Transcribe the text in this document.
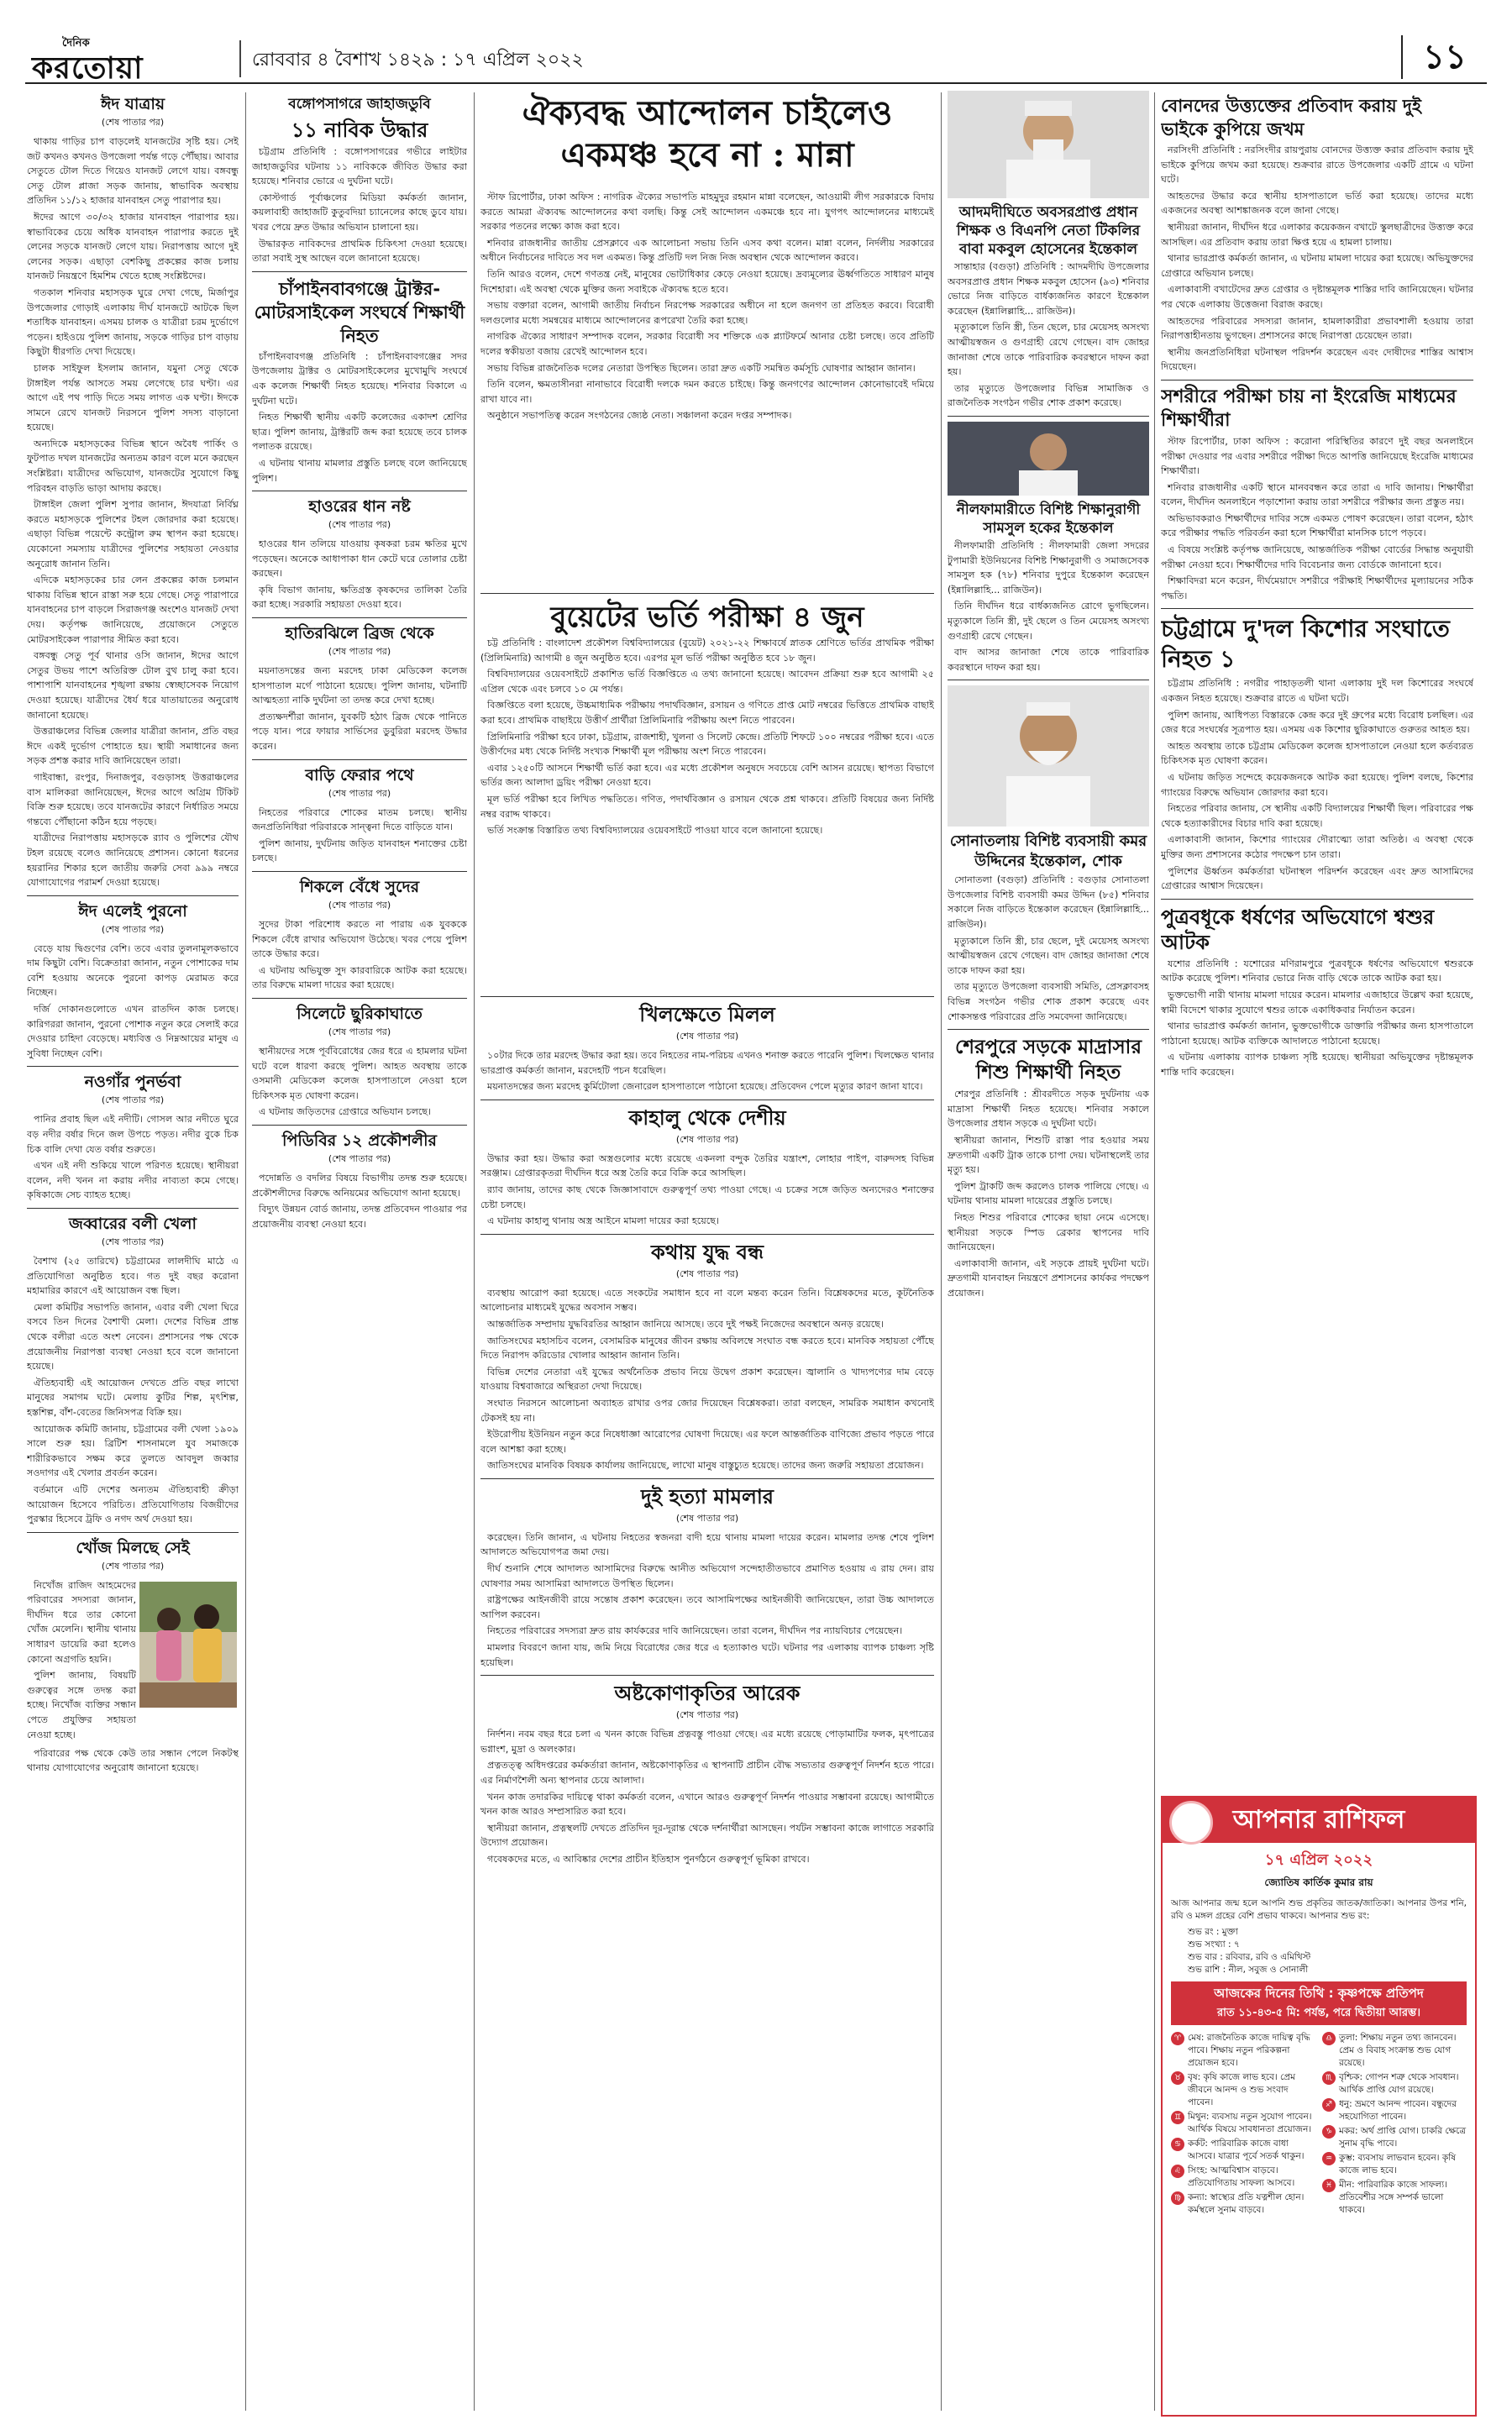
দৈনিক
করতোয়া	রোববার ৪ বৈশাখ ১৪২৯ : ১৭ এপ্রিল ২০২২	১১
ঈদ যাত্রায়
(শেষ পাতার পর)

থাকায় গাড়ির চাপ বাড়লেই যানজটের সৃষ্টি হয়। সেই জট কখনও কখনও উপজেলা পর্যন্ত গড়ে পৌঁছায়। আবার সেতুতে টোল দিতে গিয়েও যানজট লেগে যায়। বঙ্গবন্ধু সেতু টোল প্লাজা সড়ক জানায়, স্বাভাবিক অবস্থায় প্রতিদিন ১১/১২ হাজার যানবাহন সেতু পারাপার হয়।

ঈদের আগে ৩০/৩২ হাজার যানবাহন পারাপার হয়। স্বাভাবিকের চেয়ে অধিক যানবাহন পারাপার করতে দুই লেনের সড়কে যানজট লেগে যায়। নিরাপত্তায় আগে দুই লেনের সড়ক। এছাড়া বেশকিছু প্রকল্পের কাজ চলায় যানজট নিয়ন্ত্রণে হিমশিম খেতে হচ্ছে সংশ্লিষ্টদের।

গতকাল শনিবার মহাসড়ক ঘুরে দেখা গেছে, মির্জাপুর উপজেলার গোড়াই এলাকায় দীর্ঘ যানজটে আটকে ছিল শতাধিক যানবাহন। এসময় চালক ও যাত্রীরা চরম দুর্ভোগে পড়েন। হাইওয়ে পুলিশ জানায়, সড়কে গাড়ির চাপ বাড়ায় কিছুটা ধীরগতি দেখা দিয়েছে।

চালক সাইফুল ইসলাম জানান, যমুনা সেতু থেকে টাঙ্গাইল পর্যন্ত আসতে সময় লেগেছে চার ঘণ্টা। এর আগে এই পথ পাড়ি দিতে সময় লাগত এক ঘণ্টা। ঈদকে সামনে রেখে যানজট নিরসনে পুলিশ সদস্য বাড়ানো হয়েছে।

অন্যদিকে মহাসড়কের বিভিন্ন স্থানে অবৈধ পার্কিং ও ফুটপাত দখল যানজটের অন্যতম কারণ বলে মনে করছেন সংশ্লিষ্টরা। যাত্রীদের অভিযোগ, যানজটের সুযোগে কিছু পরিবহন বাড়তি ভাড়া আদায় করছে।

টাঙ্গাইল জেলা পুলিশ সুপার জানান, ঈদযাত্রা নির্বিঘ্ন করতে মহাসড়কে পুলিশের টহল জোরদার করা হয়েছে। এছাড়া বিভিন্ন পয়েন্টে কন্ট্রোল রুম স্থাপন করা হয়েছে। যেকোনো সমস্যায় যাত্রীদের পুলিশের সহায়তা নেওয়ার অনুরোধ জানান তিনি।

এদিকে মহাসড়কের চার লেন প্রকল্পের কাজ চলমান থাকায় বিভিন্ন স্থানে রাস্তা সরু হয়ে গেছে। সেতু পারাপারে যানবাহনের চাপ বাড়লে সিরাজগঞ্জ অংশেও যানজট দেখা দেয়। কর্তৃপক্ষ জানিয়েছে, প্রয়োজনে সেতুতে মোটরসাইকেল পারাপার সীমিত করা হবে।

বঙ্গবন্ধু সেতু পূর্ব থানার ওসি জানান, ঈদের আগে সেতুর উভয় পাশে অতিরিক্ত টোল বুথ চালু করা হবে। পাশাপাশি যানবাহনের শৃঙ্খলা রক্ষায় স্বেচ্ছাসেবক নিয়োগ দেওয়া হয়েছে। যাত্রীদের ধৈর্য ধরে যাতায়াতের অনুরোধ জানানো হয়েছে।

উত্তরাঞ্চলের বিভিন্ন জেলার যাত্রীরা জানান, প্রতি বছর ঈদে একই দুর্ভোগ পোহাতে হয়। স্থায়ী সমাধানের জন্য সড়ক প্রশস্ত করার দাবি জানিয়েছেন তারা।

গাইবান্ধা, রংপুর, দিনাজপুর, বগুড়াসহ উত্তরাঞ্চলের বাস মালিকরা জানিয়েছেন, ঈদের আগে অগ্রিম টিকিট বিক্রি শুরু হয়েছে। তবে যানজটের কারণে নির্ধারিত সময়ে গন্তব্যে পৌঁছানো কঠিন হয়ে পড়ছে।

যাত্রীদের নিরাপত্তায় মহাসড়কে র‍্যাব ও পুলিশের যৌথ টহল রয়েছে বলেও জানিয়েছে প্রশাসন। কোনো ধরনের হয়রানির শিকার হলে জাতীয় জরুরি সেবা ৯৯৯ নম্বরে যোগাযোগের পরামর্শ দেওয়া হয়েছে।

ঈদ এলেই পুরনো
(শেষ পাতার পর)

বেড়ে যায় দ্বিগুণের বেশি। তবে এবার তুলনামূলকভাবে দাম কিছুটা বেশি। বিক্রেতারা জানান, নতুন পোশাকের দাম বেশি হওয়ায় অনেকে পুরনো কাপড় মেরামত করে নিচ্ছেন।

দর্জি দোকানগুলোতে এখন রাতদিন কাজ চলছে। কারিগররা জানান, পুরনো পোশাক নতুন করে সেলাই করে দেওয়ার চাহিদা বেড়েছে। মধ্যবিত্ত ও নিম্নআয়ের মানুষ এ সুবিধা নিচ্ছেন বেশি।

নওগাঁর পুনর্ভবা
(শেষ পাতার পর)

পানির প্রবাহ ছিল এই নদীটি। গোসল আর নদীতে ঘুরে বড় নদীর বর্ষার দিনে জল উপচে পড়ত। নদীর বুকে চিক চিক বালি দেখা যেত বর্ষার শুরুতে।

এখন এই নদী শুকিয়ে খালে পরিণত হয়েছে। স্থানীয়রা বলেন, নদী খনন না করায় নদীর নাব্যতা কমে গেছে। কৃষিকাজে সেচ ব্যাহত হচ্ছে।

জব্বারের বলী খেলা
(শেষ পাতার পর)

বৈশাখ (২৫ তারিখে) চট্টগ্রামের লালদীঘি মাঠে এ প্রতিযোগিতা অনুষ্ঠিত হবে। গত দুই বছর করোনা মহামারির কারণে এই আয়োজন বন্ধ ছিল।

মেলা কমিটির সভাপতি জানান, এবার বলী খেলা ঘিরে বসবে তিন দিনের বৈশাখী মেলা। দেশের বিভিন্ন প্রান্ত থেকে বলীরা এতে অংশ নেবেন। প্রশাসনের পক্ষ থেকে প্রয়োজনীয় নিরাপত্তা ব্যবস্থা নেওয়া হবে বলে জানানো হয়েছে।

ঐতিহ্যবাহী এই আয়োজন দেখতে প্রতি বছর লাখো মানুষের সমাগম ঘটে। মেলায় কুটির শিল্প, মৃৎশিল্প, হস্তশিল্প, বাঁশ-বেতের জিনিসপত্র বিক্রি হয়।

আয়োজক কমিটি জানায়, চট্টগ্রামের বলী খেলা ১৯০৯ সালে শুরু হয়। ব্রিটিশ শাসনামলে যুব সমাজকে শারীরিকভাবে সক্ষম করে তুলতে আবদুল জব্বার সওদাগর এই খেলার প্রবর্তন করেন।

বর্তমানে এটি দেশের অন্যতম ঐতিহ্যবাহী ক্রীড়া আয়োজন হিসেবে পরিচিত। প্রতিযোগিতায় বিজয়ীদের পুরস্কার হিসেবে ট্রফি ও নগদ অর্থ দেওয়া হয়।

খোঁজ মিলছে সেই
(শেষ পাতার পর)

নিখোঁজ রাজিদ আহমেদের পরিবারের সদস্যরা জানান, দীর্ঘদিন ধরে তার কোনো খোঁজ মেলেনি। স্থানীয় থানায় সাধারণ ডায়েরি করা হলেও কোনো অগ্রগতি হয়নি।

পুলিশ জানায়, বিষয়টি গুরুত্বের সঙ্গে তদন্ত করা হচ্ছে। নিখোঁজ ব্যক্তির সন্ধান পেতে প্রযুক্তির সহায়তা নেওয়া হচ্ছে।

পরিবারের পক্ষ থেকে কেউ তার সন্ধান পেলে নিকটস্থ থানায় যোগাযোগের অনুরোধ জানানো হয়েছে।

বঙ্গোপসাগরে জাহাজডুবি
১১ নাবিক উদ্ধার

চট্টগ্রাম প্রতিনিধি : বঙ্গোপসাগরের গভীরে লাইটার জাহাজডুবির ঘটনায় ১১ নাবিককে জীবিত উদ্ধার করা হয়েছে। শনিবার ভোরে এ দুর্ঘটনা ঘটে।

কোস্টগার্ড পূর্বাঞ্চলের মিডিয়া কর্মকর্তা জানান, কয়লাবাহী জাহাজটি কুতুবদিয়া চ্যানেলের কাছে ডুবে যায়। খবর পেয়ে দ্রুত উদ্ধার অভিযান চালানো হয়।

উদ্ধারকৃত নাবিকদের প্রাথমিক চিকিৎসা দেওয়া হয়েছে। তারা সবাই সুস্থ আছেন বলে জানানো হয়েছে।

চাঁপাইনবাবগঞ্জে ট্রাক্টর-মোটরসাইকেল সংঘর্ষে শিক্ষার্থী নিহত

চাঁপাইনবাবগঞ্জ প্রতিনিধি : চাঁপাইনবাবগঞ্জের সদর উপজেলায় ট্রাক্টর ও মোটরসাইকেলের মুখোমুখি সংঘর্ষে এক কলেজ শিক্ষার্থী নিহত হয়েছে। শনিবার বিকালে এ দুর্ঘটনা ঘটে।

নিহত শিক্ষার্থী স্থানীয় একটি কলেজের একাদশ শ্রেণির ছাত্র। পুলিশ জানায়, ট্রাক্টরটি জব্দ করা হয়েছে তবে চালক পলাতক রয়েছে।

এ ঘটনায় থানায় মামলার প্রস্তুতি চলছে বলে জানিয়েছে পুলিশ।

হাওরের ধান নষ্ট
(শেষ পাতার পর)

হাওরের ধান তলিয়ে যাওয়ায় কৃষকরা চরম ক্ষতির মুখে পড়েছেন। অনেকে আধাপাকা ধান কেটে ঘরে তোলার চেষ্টা করছেন।

কৃষি বিভাগ জানায়, ক্ষতিগ্রস্ত কৃষকদের তালিকা তৈরি করা হচ্ছে। সরকারি সহায়তা দেওয়া হবে।

হাতিরঝিলে ব্রিজ থেকে
(শেষ পাতার পর)

ময়নাতদন্তের জন্য মরদেহ ঢাকা মেডিকেল কলেজ হাসপাতাল মর্গে পাঠানো হয়েছে। পুলিশ জানায়, ঘটনাটি আত্মহত্যা নাকি দুর্ঘটনা তা তদন্ত করে দেখা হচ্ছে।

প্রত্যক্ষদর্শীরা জানান, যুবকটি হঠাৎ ব্রিজ থেকে পানিতে পড়ে যান। পরে ফায়ার সার্ভিসের ডুবুরিরা মরদেহ উদ্ধার করেন।

বাড়ি ফেরার পথে
(শেষ পাতার পর)

নিহতের পরিবারে শোকের মাতম চলছে। স্থানীয় জনপ্রতিনিধিরা পরিবারকে সান্ত্বনা দিতে বাড়িতে যান।

পুলিশ জানায়, দুর্ঘটনায় জড়িত যানবাহন শনাক্তের চেষ্টা চলছে।

শিকলে বেঁধে সুদের
(শেষ পাতার পর)

সুদের টাকা পরিশোধ করতে না পারায় এক যুবককে শিকলে বেঁধে রাখার অভিযোগ উঠেছে। খবর পেয়ে পুলিশ তাকে উদ্ধার করে।

এ ঘটনায় অভিযুক্ত সুদ কারবারিকে আটক করা হয়েছে। তার বিরুদ্ধে মামলা দায়ের করা হয়েছে।

সিলেটে ছুরিকাঘাতে
(শেষ পাতার পর)

স্থানীয়দের সঙ্গে পূর্ববিরোধের জের ধরে এ হামলার ঘটনা ঘটে বলে ধারণা করছে পুলিশ। আহত অবস্থায় তাকে ওসমানী মেডিকেল কলেজ হাসপাতালে নেওয়া হলে চিকিৎসক মৃত ঘোষণা করেন।

এ ঘটনায় জড়িতদের গ্রেপ্তারে অভিযান চলছে।

পিডিবির ১২ প্রকৌশলীর
(শেষ পাতার পর)

পদোন্নতি ও বদলির বিষয়ে বিভাগীয় তদন্ত শুরু হয়েছে। প্রকৌশলীদের বিরুদ্ধে অনিয়মের অভিযোগ আনা হয়েছে।

বিদ্যুৎ উন্নয়ন বোর্ড জানায়, তদন্ত প্রতিবেদন পাওয়ার পর প্রয়োজনীয় ব্যবস্থা নেওয়া হবে।

ঐক্যবদ্ধ আন্দোলন চাইলেও
একমঞ্চ হবে না : মান্না

স্টাফ রিপোর্টার, ঢাকা অফিস : নাগরিক ঐক্যের সভাপতি মাহমুদুর রহমান মান্না বলেছেন, আওয়ামী লীগ সরকারকে বিদায় করতে আমরা ঐক্যবদ্ধ আন্দোলনের কথা বলছি। কিন্তু সেই আন্দোলন একমঞ্চে হবে না। যুগপৎ আন্দোলনের মাধ্যমেই সরকার পতনের লক্ষ্যে কাজ করা হবে।

শনিবার রাজধানীর জাতীয় প্রেসক্লাবে এক আলোচনা সভায় তিনি এসব কথা বলেন। মান্না বলেন, নির্দলীয় সরকারের অধীনে নির্বাচনের দাবিতে সব দল একমত। কিন্তু প্রতিটি দল নিজ নিজ অবস্থান থেকে আন্দোলন করবে।

তিনি আরও বলেন, দেশে গণতন্ত্র নেই, মানুষের ভোটাধিকার কেড়ে নেওয়া হয়েছে। দ্রব্যমূল্যের ঊর্ধ্বগতিতে সাধারণ মানুষ দিশেহারা। এই অবস্থা থেকে মুক্তির জন্য সবাইকে ঐক্যবদ্ধ হতে হবে।

সভায় বক্তারা বলেন, আগামী জাতীয় নির্বাচন নিরপেক্ষ সরকারের অধীনে না হলে জনগণ তা প্রতিহত করবে। বিরোধী দলগুলোর মধ্যে সমন্বয়ের মাধ্যমে আন্দোলনের রূপরেখা তৈরি করা হচ্ছে।

নাগরিক ঐক্যের সাধারণ সম্পাদক বলেন, সরকার বিরোধী সব শক্তিকে এক প্ল্যাটফর্মে আনার চেষ্টা চলছে। তবে প্রতিটি দলের স্বকীয়তা বজায় রেখেই আন্দোলন হবে।

সভায় বিভিন্ন রাজনৈতিক দলের নেতারা উপস্থিত ছিলেন। তারা দ্রুত একটি সমন্বিত কর্মসূচি ঘোষণার আহ্বান জানান।

তিনি বলেন, ক্ষমতাসীনরা নানাভাবে বিরোধী দলকে দমন করতে চাইছে। কিন্তু জনগণের আন্দোলন কোনোভাবেই দমিয়ে রাখা যাবে না।

অনুষ্ঠানে সভাপতিত্ব করেন সংগঠনের জ্যেষ্ঠ নেতা। সঞ্চালনা করেন দপ্তর সম্পাদক।

বুয়েটের ভর্তি পরীক্ষা ৪ জুন

চট্ট প্রতিনিধি : বাংলাদেশ প্রকৌশল বিশ্ববিদ্যালয়ের (বুয়েট) ২০২১-২২ শিক্ষাবর্ষে স্নাতক শ্রেণিতে ভর্তির প্রাথমিক পরীক্ষা (প্রিলিমিনারি) আগামী ৪ জুন অনুষ্ঠিত হবে। এরপর মূল ভর্তি পরীক্ষা অনুষ্ঠিত হবে ১৮ জুন।

বিশ্ববিদ্যালয়ের ওয়েবসাইটে প্রকাশিত ভর্তি বিজ্ঞপ্তিতে এ তথ্য জানানো হয়েছে। আবেদন প্রক্রিয়া শুরু হবে আগামী ২৫ এপ্রিল থেকে এবং চলবে ১০ মে পর্যন্ত।

বিজ্ঞপ্তিতে বলা হয়েছে, উচ্চমাধ্যমিক পরীক্ষায় পদার্থবিজ্ঞান, রসায়ন ও গণিতে প্রাপ্ত মোট নম্বরের ভিত্তিতে প্রাথমিক বাছাই করা হবে। প্রাথমিক বাছাইয়ে উত্তীর্ণ প্রার্থীরা প্রিলিমিনারি পরীক্ষায় অংশ নিতে পারবেন।

প্রিলিমিনারি পরীক্ষা হবে ঢাকা, চট্টগ্রাম, রাজশাহী, খুলনা ও সিলেট কেন্দ্রে। প্রতিটি শিফটে ১০০ নম্বরের পরীক্ষা হবে। এতে উত্তীর্ণদের মধ্য থেকে নির্দিষ্ট সংখ্যক শিক্ষার্থী মূল পরীক্ষায় অংশ নিতে পারবেন।

এবার ১২৫০টি আসনে শিক্ষার্থী ভর্তি করা হবে। এর মধ্যে প্রকৌশল অনুষদে সবচেয়ে বেশি আসন রয়েছে। স্থাপত্য বিভাগে ভর্তির জন্য আলাদা ড্রয়িং পরীক্ষা নেওয়া হবে।

মূল ভর্তি পরীক্ষা হবে লিখিত পদ্ধতিতে। গণিত, পদার্থবিজ্ঞান ও রসায়ন থেকে প্রশ্ন থাকবে। প্রতিটি বিষয়ের জন্য নির্দিষ্ট নম্বর বরাদ্দ থাকবে।

ভর্তি সংক্রান্ত বিস্তারিত তথ্য বিশ্ববিদ্যালয়ের ওয়েবসাইটে পাওয়া যাবে বলে জানানো হয়েছে।

খিলক্ষেতে মিলল
(শেষ পাতার পর)

১০টার দিকে তার মরদেহ উদ্ধার করা হয়। তবে নিহতের নাম-পরিচয় এখনও শনাক্ত করতে পারেনি পুলিশ। খিলক্ষেত থানার ভারপ্রাপ্ত কর্মকর্তা জানান, মরদেহটি পচন ধরেছিল।

ময়নাতদন্তের জন্য মরদেহ কুর্মিটোলা জেনারেল হাসপাতালে পাঠানো হয়েছে। প্রতিবেদন পেলে মৃত্যুর কারণ জানা যাবে।

কাহালু থেকে দেশীয়
(শেষ পাতার পর)

উদ্ধার করা হয়। উদ্ধার করা অস্ত্রগুলোর মধ্যে রয়েছে একনলা বন্দুক তৈরির যন্ত্রাংশ, লোহার পাইপ, বারুদসহ বিভিন্ন সরঞ্জাম। গ্রেপ্তারকৃতরা দীর্ঘদিন ধরে অস্ত্র তৈরি করে বিক্রি করে আসছিল।

র‍্যাব জানায়, তাদের কাছ থেকে জিজ্ঞাসাবাদে গুরুত্বপূর্ণ তথ্য পাওয়া গেছে। এ চক্রের সঙ্গে জড়িত অন্যদেরও শনাক্তের চেষ্টা চলছে।

এ ঘটনায় কাহালু থানায় অস্ত্র আইনে মামলা দায়ের করা হয়েছে।

কথায় যুদ্ধ বন্ধ
(শেষ পাতার পর)

ব্যবস্থায় আরোপ করা হয়েছে। এতে সংকটের সমাধান হবে না বলে মন্তব্য করেন তিনি। বিশ্লেষকদের মতে, কূটনৈতিক আলোচনার মাধ্যমেই যুদ্ধের অবসান সম্ভব।

আন্তর্জাতিক সম্প্রদায় যুদ্ধবিরতির আহ্বান জানিয়ে আসছে। তবে দুই পক্ষই নিজেদের অবস্থানে অনড় রয়েছে।

জাতিসংঘের মহাসচিব বলেন, বেসামরিক মানুষের জীবন রক্ষায় অবিলম্বে সংঘাত বন্ধ করতে হবে। মানবিক সহায়তা পৌঁছে দিতে নিরাপদ করিডোর খোলার আহ্বান জানান তিনি।

বিভিন্ন দেশের নেতারা এই যুদ্ধের অর্থনৈতিক প্রভাব নিয়ে উদ্বেগ প্রকাশ করেছেন। জ্বালানি ও খাদ্যপণ্যের দাম বেড়ে যাওয়ায় বিশ্ববাজারে অস্থিরতা দেখা দিয়েছে।

সংঘাত নিরসনে আলোচনা অব্যাহত রাখার ওপর জোর দিয়েছেন বিশ্লেষকরা। তারা বলছেন, সামরিক সমাধান কখনোই টেকসই হয় না।

ইউরোপীয় ইউনিয়ন নতুন করে নিষেধাজ্ঞা আরোপের ঘোষণা দিয়েছে। এর ফলে আন্তর্জাতিক বাণিজ্যে প্রভাব পড়তে পারে বলে আশঙ্কা করা হচ্ছে।

জাতিসংঘের মানবিক বিষয়ক কার্যালয় জানিয়েছে, লাখো মানুষ বাস্তুচ্যুত হয়েছে। তাদের জন্য জরুরি সহায়তা প্রয়োজন।

দুই হত্যা মামলার
(শেষ পাতার পর)

করেছেন। তিনি জানান, এ ঘটনায় নিহতের স্বজনরা বাদী হয়ে থানায় মামলা দায়ের করেন। মামলার তদন্ত শেষে পুলিশ আদালতে অভিযোগপত্র জমা দেয়।

দীর্ঘ শুনানি শেষে আদালত আসামিদের বিরুদ্ধে আনীত অভিযোগ সন্দেহাতীতভাবে প্রমাণিত হওয়ায় এ রায় দেন। রায় ঘোষণার সময় আসামিরা আদালতে উপস্থিত ছিলেন।

রাষ্ট্রপক্ষের আইনজীবী রায়ে সন্তোষ প্রকাশ করেছেন। তবে আসামিপক্ষের আইনজীবী জানিয়েছেন, তারা উচ্চ আদালতে আপিল করবেন।

নিহতের পরিবারের সদস্যরা দ্রুত রায় কার্যকরের দাবি জানিয়েছেন। তারা বলেন, দীর্ঘদিন পর ন্যায়বিচার পেয়েছেন।

মামলার বিবরণে জানা যায়, জমি নিয়ে বিরোধের জের ধরে এ হত্যাকাণ্ড ঘটে। ঘটনার পর এলাকায় ব্যাপক চাঞ্চল্য সৃষ্টি হয়েছিল।

অষ্টকোণাকৃতির আরেক
(শেষ পাতার পর)

নির্দশন। নবম বছর ধরে চলা এ খনন কাজে বিভিন্ন প্রত্নবস্তু পাওয়া গেছে। এর মধ্যে রয়েছে পোড়ামাটির ফলক, মৃৎপাত্রের ভগ্নাংশ, মুদ্রা ও অলংকার।

প্রত্নতত্ত্ব অধিদপ্তরের কর্মকর্তারা জানান, অষ্টকোণাকৃতির এ স্থাপনাটি প্রাচীন বৌদ্ধ সভ্যতার গুরুত্বপূর্ণ নিদর্শন হতে পারে। এর নির্মাণশৈলী অন্য স্থাপনার চেয়ে আলাদা।

খনন কাজ তদারকির দায়িত্বে থাকা কর্মকর্তা বলেন, এখানে আরও গুরুত্বপূর্ণ নিদর্শন পাওয়ার সম্ভাবনা রয়েছে। আগামীতে খনন কাজ আরও সম্প্রসারিত করা হবে।

স্থানীয়রা জানান, প্রত্নস্থলটি দেখতে প্রতিদিন দূর-দূরান্ত থেকে দর্শনার্থীরা আসছেন। পর্যটন সম্ভাবনা কাজে লাগাতে সরকারি উদ্যোগ প্রয়োজন।

গবেষকদের মতে, এ আবিষ্কার দেশের প্রাচীন ইতিহাস পুনর্গঠনে গুরুত্বপূর্ণ ভূমিকা রাখবে।

আদমদীঘিতে অবসরপ্রাপ্ত প্রধান শিক্ষক ও বিএনপি নেতা টিকলির বাবা মকবুল হোসেনের ইন্তেকাল

সান্তাহার (বগুড়া) প্রতিনিধি : আদমদীঘি উপজেলার অবসরপ্রাপ্ত প্রধান শিক্ষক মকবুল হোসেন (৯৩) শনিবার ভোরে নিজ বাড়িতে বার্ধক্যজনিত কারণে ইন্তেকাল করেছেন (ইন্নালিল্লাহি... রাজিউন)।

মৃত্যুকালে তিনি স্ত্রী, তিন ছেলে, চার মেয়েসহ অসংখ্য আত্মীয়স্বজন ও গুণগ্রাহী রেখে গেছেন। বাদ জোহর জানাজা শেষে তাকে পারিবারিক কবরস্থানে দাফন করা হয়।

তার মৃত্যুতে উপজেলার বিভিন্ন সামাজিক ও রাজনৈতিক সংগঠন গভীর শোক প্রকাশ করেছে।

নীলফামারীতে বিশিষ্ট শিক্ষানুরাগী সামসুল হকের ইন্তেকাল

নীলফামারী প্রতিনিধি : নীলফামারী জেলা সদরের টুপামারী ইউনিয়নের বিশিষ্ট শিক্ষানুরাগী ও সমাজসেবক সামসুল হক (৭৮) শনিবার দুপুরে ইন্তেকাল করেছেন (ইন্নালিল্লাহি... রাজিউন)।

তিনি দীর্ঘদিন ধরে বার্ধক্যজনিত রোগে ভুগছিলেন। মৃত্যুকালে তিনি স্ত্রী, দুই ছেলে ও তিন মেয়েসহ অসংখ্য গুণগ্রাহী রেখে গেছেন।

বাদ আসর জানাজা শেষে তাকে পারিবারিক কবরস্থানে দাফন করা হয়।

সোনাতলায় বিশিষ্ট ব্যবসায়ী কমর উদ্দিনের ইন্তেকাল, শোক

সোনাতলা (বগুড়া) প্রতিনিধি : বগুড়ার সোনাতলা উপজেলার বিশিষ্ট ব্যবসায়ী কমর উদ্দিন (৮৫) শনিবার সকালে নিজ বাড়িতে ইন্তেকাল করেছেন (ইন্নালিল্লাহি... রাজিউন)।

মৃত্যুকালে তিনি স্ত্রী, চার ছেলে, দুই মেয়েসহ অসংখ্য আত্মীয়স্বজন রেখে গেছেন। বাদ জোহর জানাজা শেষে তাকে দাফন করা হয়।

তার মৃত্যুতে উপজেলা ব্যবসায়ী সমিতি, প্রেসক্লাবসহ বিভিন্ন সংগঠন গভীর শোক প্রকাশ করেছে এবং শোকসন্তপ্ত পরিবারের প্রতি সমবেদনা জানিয়েছে।

শেরপুরে সড়কে মাদ্রাসার শিশু শিক্ষার্থী নিহত

শেরপুর প্রতিনিধি : শ্রীবরদীতে সড়ক দুর্ঘটনায় এক মাদ্রাসা শিক্ষার্থী নিহত হয়েছে। শনিবার সকালে উপজেলার প্রধান সড়কে এ দুর্ঘটনা ঘটে।

স্থানীয়রা জানান, শিশুটি রাস্তা পার হওয়ার সময় দ্রুতগামী একটি ট্রাক তাকে চাপা দেয়। ঘটনাস্থলেই তার মৃত্যু হয়।

পুলিশ ট্রাকটি জব্দ করলেও চালক পালিয়ে গেছে। এ ঘটনায় থানায় মামলা দায়েরের প্রস্তুতি চলছে।

নিহত শিশুর পরিবারে শোকের ছায়া নেমে এসেছে। স্থানীয়রা সড়কে স্পিড ব্রেকার স্থাপনের দাবি জানিয়েছেন।

এলাকাবাসী জানান, এই সড়কে প্রায়ই দুর্ঘটনা ঘটে। দ্রুতগামী যানবাহন নিয়ন্ত্রণে প্রশাসনের কার্যকর পদক্ষেপ প্রয়োজন।

বোনদের উত্ত্যক্তের প্রতিবাদ করায় দুই ভাইকে কুপিয়ে জখম

নরসিংদী প্রতিনিধি : নরসিংদীর রায়পুরায় বোনদের উত্ত্যক্ত করার প্রতিবাদ করায় দুই ভাইকে কুপিয়ে জখম করা হয়েছে। শুক্রবার রাতে উপজেলার একটি গ্রামে এ ঘটনা ঘটে।

আহতদের উদ্ধার করে স্থানীয় হাসপাতালে ভর্তি করা হয়েছে। তাদের মধ্যে একজনের অবস্থা আশঙ্কাজনক বলে জানা গেছে।

স্থানীয়রা জানান, দীর্ঘদিন ধরে এলাকার কয়েকজন বখাটে স্কুলছাত্রীদের উত্ত্যক্ত করে আসছিল। এর প্রতিবাদ করায় তারা ক্ষিপ্ত হয়ে এ হামলা চালায়।

থানার ভারপ্রাপ্ত কর্মকর্তা জানান, এ ঘটনায় মামলা দায়ের করা হয়েছে। অভিযুক্তদের গ্রেপ্তারে অভিযান চলছে।

এলাকাবাসী বখাটেদের দ্রুত গ্রেপ্তার ও দৃষ্টান্তমূলক শাস্তির দাবি জানিয়েছেন। ঘটনার পর থেকে এলাকায় উত্তেজনা বিরাজ করছে।

আহতদের পরিবারের সদস্যরা জানান, হামলাকারীরা প্রভাবশালী হওয়ায় তারা নিরাপত্তাহীনতায় ভুগছেন। প্রশাসনের কাছে নিরাপত্তা চেয়েছেন তারা।

স্থানীয় জনপ্রতিনিধিরা ঘটনাস্থল পরিদর্শন করেছেন এবং দোষীদের শাস্তির আশ্বাস দিয়েছেন।

সশরীরে পরীক্ষা চায় না ইংরেজি মাধ্যমের শিক্ষার্থীরা

স্টাফ রিপোর্টার, ঢাকা অফিস : করোনা পরিস্থিতির কারণে দুই বছর অনলাইনে পরীক্ষা দেওয়ার পর এবার সশরীরে পরীক্ষা দিতে আপত্তি জানিয়েছে ইংরেজি মাধ্যমের শিক্ষার্থীরা।

শনিবার রাজধানীর একটি স্থানে মানববন্ধন করে তারা এ দাবি জানায়। শিক্ষার্থীরা বলেন, দীর্ঘদিন অনলাইনে পড়াশোনা করায় তারা সশরীরে পরীক্ষার জন্য প্রস্তুত নয়।

অভিভাবকরাও শিক্ষার্থীদের দাবির সঙ্গে একমত পোষণ করেছেন। তারা বলেন, হঠাৎ করে পরীক্ষার পদ্ধতি পরিবর্তন করা হলে শিক্ষার্থীরা মানসিক চাপে পড়বে।

এ বিষয়ে সংশ্লিষ্ট কর্তৃপক্ষ জানিয়েছে, আন্তর্জাতিক পরীক্ষা বোর্ডের সিদ্ধান্ত অনুযায়ী পরীক্ষা নেওয়া হবে। শিক্ষার্থীদের দাবি বিবেচনার জন্য বোর্ডকে জানানো হবে।

শিক্ষাবিদরা মনে করেন, দীর্ঘমেয়াদে সশরীরে পরীক্ষাই শিক্ষার্থীদের মূল্যায়নের সঠিক পদ্ধতি।

চট্টগ্রামে দু'দল কিশোর সংঘাতে নিহত ১

চট্টগ্রাম প্রতিনিধি : নগরীর পাহাড়তলী থানা এলাকায় দুই দল কিশোরের সংঘর্ষে একজন নিহত হয়েছে। শুক্রবার রাতে এ ঘটনা ঘটে।

পুলিশ জানায়, আধিপত্য বিস্তারকে কেন্দ্র করে দুই গ্রুপের মধ্যে বিরোধ চলছিল। এর জের ধরে সংঘর্ষের সূত্রপাত হয়। এসময় এক কিশোর ছুরিকাঘাতে গুরুতর আহত হয়।

আহত অবস্থায় তাকে চট্টগ্রাম মেডিকেল কলেজ হাসপাতালে নেওয়া হলে কর্তব্যরত চিকিৎসক মৃত ঘোষণা করেন।

এ ঘটনায় জড়িত সন্দেহে কয়েকজনকে আটক করা হয়েছে। পুলিশ বলছে, কিশোর গ্যাংয়ের বিরুদ্ধে অভিযান জোরদার করা হবে।

নিহতের পরিবার জানায়, সে স্থানীয় একটি বিদ্যালয়ের শিক্ষার্থী ছিল। পরিবারের পক্ষ থেকে হত্যাকারীদের বিচার দাবি করা হয়েছে।

এলাকাবাসী জানান, কিশোর গ্যাংয়ের দৌরাত্ম্যে তারা অতিষ্ঠ। এ অবস্থা থেকে মুক্তির জন্য প্রশাসনের কঠোর পদক্ষেপ চান তারা।

পুলিশের ঊর্ধ্বতন কর্মকর্তারা ঘটনাস্থল পরিদর্শন করেছেন এবং দ্রুত আসামিদের গ্রেপ্তারের আশ্বাস দিয়েছেন।

পুত্রবধূকে ধর্ষণের অভিযোগে শ্বশুর আটক

যশোর প্রতিনিধি : যশোরের মণিরামপুরে পুত্রবধূকে ধর্ষণের অভিযোগে শ্বশুরকে আটক করেছে পুলিশ। শনিবার ভোরে নিজ বাড়ি থেকে তাকে আটক করা হয়।

ভুক্তভোগী নারী থানায় মামলা দায়ের করেন। মামলার এজাহারে উল্লেখ করা হয়েছে, স্বামী বিদেশে থাকার সুযোগে শ্বশুর তাকে একাধিকবার নির্যাতন করেন।

থানার ভারপ্রাপ্ত কর্মকর্তা জানান, ভুক্তভোগীকে ডাক্তারি পরীক্ষার জন্য হাসপাতালে পাঠানো হয়েছে। আটক ব্যক্তিকে আদালতে পাঠানো হয়েছে।

এ ঘটনায় এলাকায় ব্যাপক চাঞ্চল্য সৃষ্টি হয়েছে। স্থানীয়রা অভিযুক্তের দৃষ্টান্তমূলক শাস্তি দাবি করেছেন।

আপনার রাশিফল
১৭ এপ্রিল ২০২২
জ্যোতিষ কার্তিক কুমার রায়
আজ আপনার জন্ম হলে আপনি শুভ প্রকৃতির জাতক/জাতিকা। আপনার উপর শনি, রবি ও মঙ্গল গ্রহের বেশি প্রভাব থাকবে। আপনার শুভ রং:
শুভ রং : মুক্তা
শুভ সংখ্যা : ৭
শুভ বার : রবিবার, রবি ও এমিথিস্ট
শুভ রাশি : নীল, সবুজ ও সোনালী
আজকের দিনের তিথি : কৃষ্ণপক্ষে প্রতিপদ
রাত ১১-৪৩-৫ মি: পর্যন্ত, পরে দ্বিতীয়া আরম্ভ।
♈ মেষ: রাজনৈতিক কাজে দায়িত্ব বৃদ্ধি পাবে। শিক্ষায় নতুন পরিকল্পনা প্রয়োজন হবে।
♉ বৃষ: কৃষি কাজে লাভ হবে। প্রেম জীবনে আনন্দ ও শুভ সংবাদ পাবেন।
♊ মিথুন: ব্যবসায় নতুন সুযোগ পাবেন। আর্থিক বিষয়ে সাবধানতা প্রয়োজন।
♋ কর্কট: পারিবারিক কাজে বাধা আসবে। যাত্রার পূর্বে সতর্ক থাকুন।
♌ সিংহ: আত্মবিশ্বাস বাড়বে। প্রতিযোগিতায় সাফল্য আসবে।
♍ কন্যা: স্বাস্থ্যের প্রতি যত্নশীল হোন। কর্মস্থলে সুনাম বাড়বে।
♎ তুলা: শিক্ষায় নতুন তথ্য জানবেন। প্রেম ও বিবাহ সংক্রান্ত শুভ যোগ রয়েছে।
♏ বৃশ্চিক: গোপন শত্রু থেকে সাবধান। আর্থিক প্রাপ্তি যোগ রয়েছে।
♐ ধনু: ভ্রমণে আনন্দ পাবেন। বন্ধুদের সহযোগিতা পাবেন।
♑ মকর: অর্থ প্রাপ্তি যোগ। চাকরি ক্ষেত্রে সুনাম বৃদ্ধি পাবে।
♒ কুম্ভ: ব্যবসায় লাভবান হবেন। কৃষি কাজে লাভ হবে।
♓ মীন: পারিবারিক কাজে সাফল্য। প্রতিবেশীর সঙ্গে সম্পর্ক ভালো থাকবে।
